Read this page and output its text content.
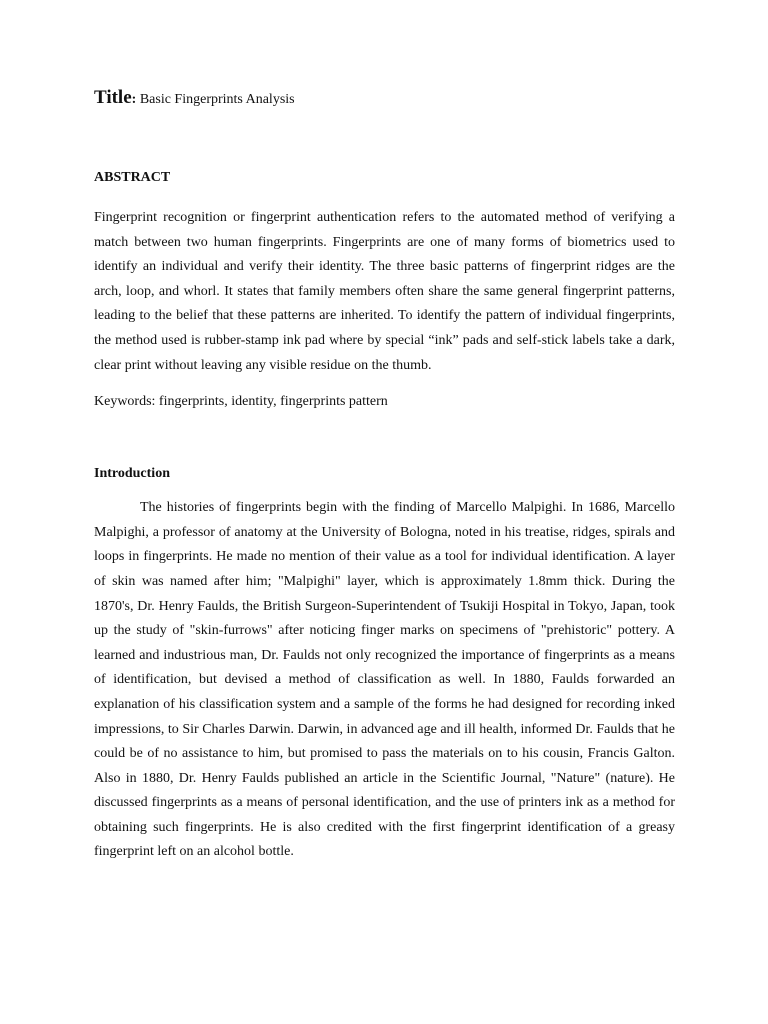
Title: Basic Fingerprints Analysis

ABSTRACT

Fingerprint recognition or fingerprint authentication refers to the automated method of verifying a match between two human fingerprints. Fingerprints are one of many forms of biometrics used to identify an individual and verify their identity. The three basic patterns of fingerprint ridges are the arch, loop, and whorl. It states that family members often share the same general fingerprint patterns, leading to the belief that these patterns are inherited. To identify the pattern of individual fingerprints, the method used is rubber-stamp ink pad where by special “ink” pads and self-stick labels take a dark, clear print without leaving any visible residue on the thumb.

Keywords: fingerprints, identity, fingerprints pattern

Introduction

The histories of fingerprints begin with the finding of Marcello Malpighi. In 1686, Marcello Malpighi, a professor of anatomy at the University of Bologna, noted in his treatise, ridges, spirals and loops in fingerprints. He made no mention of their value as a tool for individual identification. A layer of skin was named after him; "Malpighi" layer, which is approximately 1.8mm thick. During the 1870's, Dr. Henry Faulds, the British Surgeon-Superintendent of Tsukiji Hospital in Tokyo, Japan, took up the study of "skin-furrows" after noticing finger marks on specimens of "prehistoric" pottery. A learned and industrious man, Dr. Faulds not only recognized the importance of fingerprints as a means of identification, but devised a method of classification as well. In 1880, Faulds forwarded an explanation of his classification system and a sample of the forms he had designed for recording inked impressions, to Sir Charles Darwin. Darwin, in advanced age and ill health, informed Dr. Faulds that he could be of no assistance to him, but promised to pass the materials on to his cousin, Francis Galton. Also in 1880, Dr. Henry Faulds published an article in the Scientific Journal, "Nature" (nature). He discussed fingerprints as a means of personal identification, and the use of printers ink as a method for obtaining such fingerprints. He is also credited with the first fingerprint identification of a greasy fingerprint left on an alcohol bottle.
